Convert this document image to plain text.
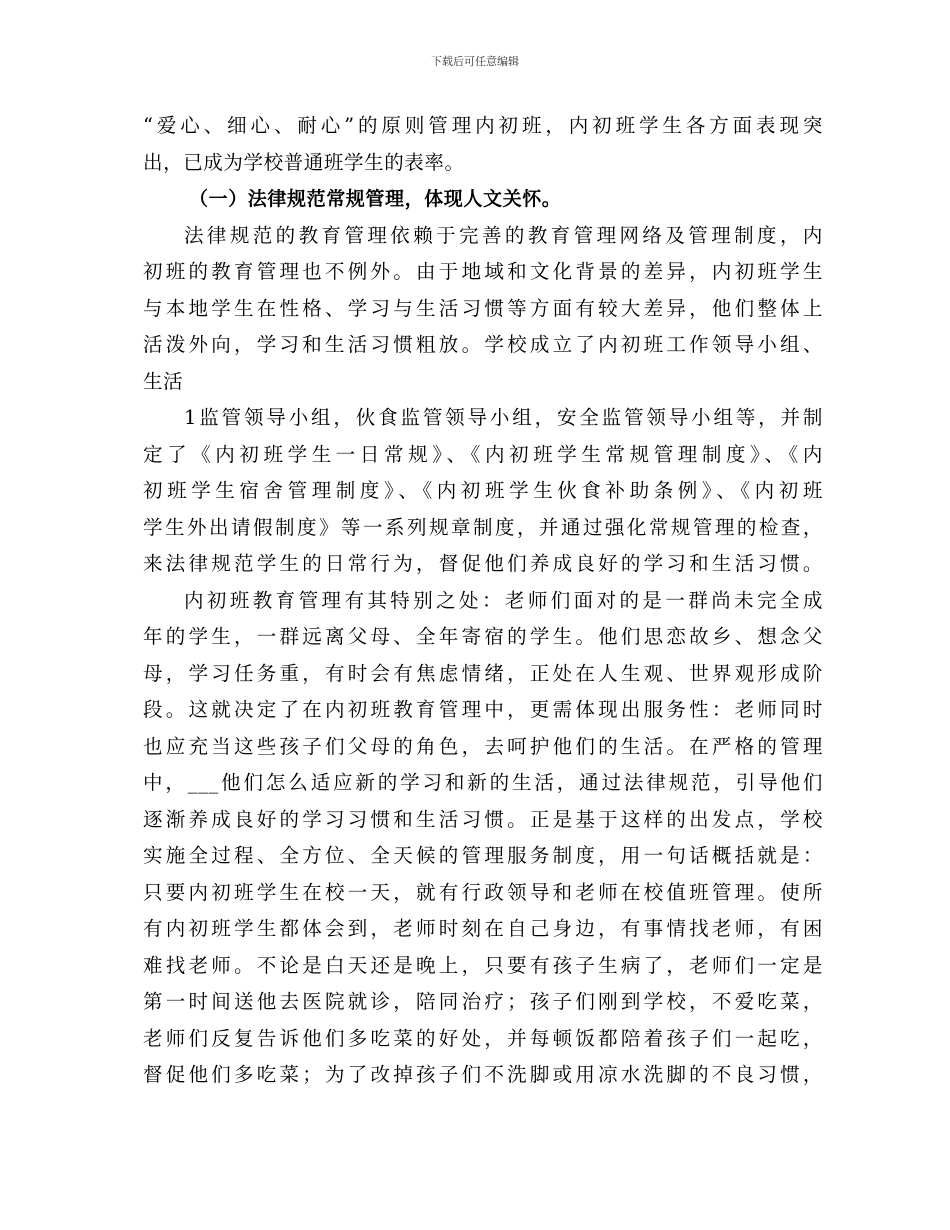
下载后可任意编辑
“爱心、细心、耐心”的原则管理内初班，内初班学生各方面表现突
出，已成为学校普通班学生的表率。
（一）法律规范常规管理，体现人文关怀。
法律规范的教育管理依赖于完善的教育管理网络及管理制度，内
初班的教育管理也不例外。由于地域和文化背景的差异，内初班学生
与本地学生在性格、学习与生活习惯等方面有较大差异，他们整体上
活泼外向，学习和生活习惯粗放。学校成立了内初班工作领导小组、
生活
1监管领导小组，伙食监管领导小组，安全监管领导小组等，并制
定了《内初班学生一日常规》、《内初班学生常规管理制度》、《内
初班学生宿舍管理制度》、《内初班学生伙食补助条例》、《内初班
学生外出请假制度》等一系列规章制度，并通过强化常规管理的检查，
来法律规范学生的日常行为，督促他们养成良好的学习和生活习惯。
内初班教育管理有其特别之处：老师们面对的是一群尚未完全成
年的学生，一群远离父母、全年寄宿的学生。他们思恋故乡、想念父
母，学习任务重，有时会有焦虑情绪，正处在人生观、世界观形成阶
段。这就决定了在内初班教育管理中，更需体现出服务性：老师同时
也应充当这些孩子们父母的角色，去呵护他们的生活。在严格的管理
中，___他们怎么适应新的学习和新的生活，通过法律规范，引导他们
逐渐养成良好的学习习惯和生活习惯。正是基于这样的出发点，学校
实施全过程、全方位、全天候的管理服务制度，用一句话概括就是：
只要内初班学生在校一天，就有行政领导和老师在校值班管理。使所
有内初班学生都体会到，老师时刻在自己身边，有事情找老师，有困
难找老师。不论是白天还是晚上，只要有孩子生病了，老师们一定是
第一时间送他去医院就诊，陪同治疗；孩子们刚到学校，不爱吃菜，
老师们反复告诉他们多吃菜的好处，并每顿饭都陪着孩子们一起吃，
督促他们多吃菜；为了改掉孩子们不洗脚或用凉水洗脚的不良习惯，
